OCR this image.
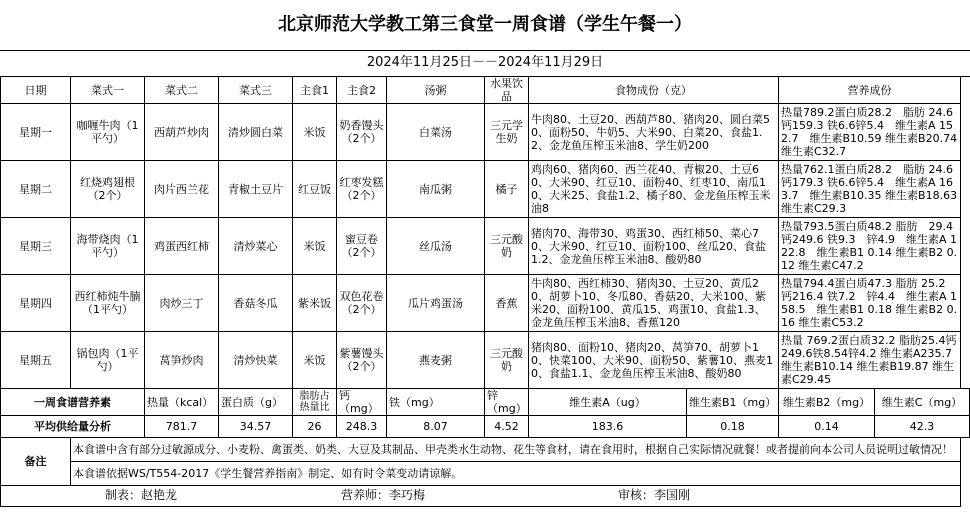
北京师范大学教工第三食堂一周食谱（学生午餐一）
2024年11月25日－－2024年11月29日
日期	菜式一	菜式二	菜式三	主食1	主食2	汤粥	水果饮品	食物成份（克）		营养成份	
星期一	咖喱牛肉（1平勺）	西葫芦炒肉	清炒圆白菜	米饭	奶香馒头（2个）	白菜汤	三元学生奶	牛肉80、土豆20、西葫芦80、猪肉20、圆白菜50、面粉50、牛奶5、大米90、白菜20、食盐1.2、金龙鱼压榨玉米油8、学生奶200		热量789.2蛋白质28.2　脂肪 24.6钙159.3 铁6.6锌5.4　维生素A 152.7　维生素B10.59 维生素B20.74 维生素C32.7	
星期二	红烧鸡翅根（2个）	肉片西兰花	青椒土豆片	红豆饭	红枣发糕（2个）	南瓜粥	橘子	鸡肉60、猪肉60、西兰花40、青椒20、土豆60、大米90、红豆10、面粉40、红枣10、南瓜10、大米25、食盐1.2、橘子80、金龙鱼压榨玉米油8		热量762.1蛋白质28.2　脂肪 24.6钙179.3 铁6.6锌5.4　维生素A 163.7　维生素B10.35 维生素B18.63 维生素C29.3	
星期三	海带烧肉（1平勺）	鸡蛋西红柿	清炒菜心	米饭	蜜豆卷（2个）	丝瓜汤	三元酸奶	猪肉70、海带30、鸡蛋30、西红柿50、菜心70、大米90、红豆10、面粉100、丝瓜20、食盐1.2、金龙鱼压榨玉米油8、酸奶80		热量793.5蛋白质48.2 脂肪　29.4 钙249.6 铁9.3　锌4.9　维生素A 122.8　维生素B1 0.14 维生素B2 0.12 维生素C47.2	
星期四	西红柿炖牛腩（1平勺）	肉炒三丁	香菇冬瓜	紫米饭	双色花卷（2个）	瓜片鸡蛋汤	香蕉	牛肉80、西红柿30、猪肉30、土豆20、黄瓜20、胡萝卜10、冬瓜80、香菇20、大米100、紫米20、面粉100、黄瓜15、鸡蛋10、食盐1.3、金龙鱼压榨玉米油8、香蕉120		热量794.4蛋白质47.3 脂肪 25.2 钙216.4 铁7.2　锌4.4　维生素A 158.5　维生素B1 0.18 维生素B2 0.16 维生素C53.2	
星期五	锅包肉（1平勺）	莴笋炒肉	清炒快菜	米饭	紫薯馒头（2个）	燕麦粥	三元酸奶	猪肉80、面粉10、猪肉20、莴笋70、胡萝卜10、快菜100、大米90、面粉50、紫薯10、燕麦10、食盐1.1、金龙鱼压榨玉米油8、酸奶80		热量 769.2蛋白质32.2 脂肪25.4钙249.6铁8.54锌4.2 维生素A235.7 维生素B10.14 维生素B19.87 维生素C29.45	
一周食谱营养素		热量（kcal）	蛋白质（g）	脂肪占热量比	钙（mg）	铁（mg）	锌（mg）	维生素A（ug）	维生素B1（mg）	维生素B2（mg）	维生素C（mg）
平均供给量分析		781.7	34.57	26	248.3	8.07	4.52	183.6	0.18	0.14	42.3
备注	本食谱中含有部分过敏源成分、小麦粉、禽蛋类、奶类、大豆及其制品、甲壳类水生动物、花生等食材，请在食用时，根据自己实际情况就餐！或者提前向本公司人员说明过敏情况！										
	本食谱依据WS/T554-2017《学生餐营养指南》制定、如有时令菜变动请谅解。										

制表：赵艳龙 营养师：李巧梅 审核：李国刚											
